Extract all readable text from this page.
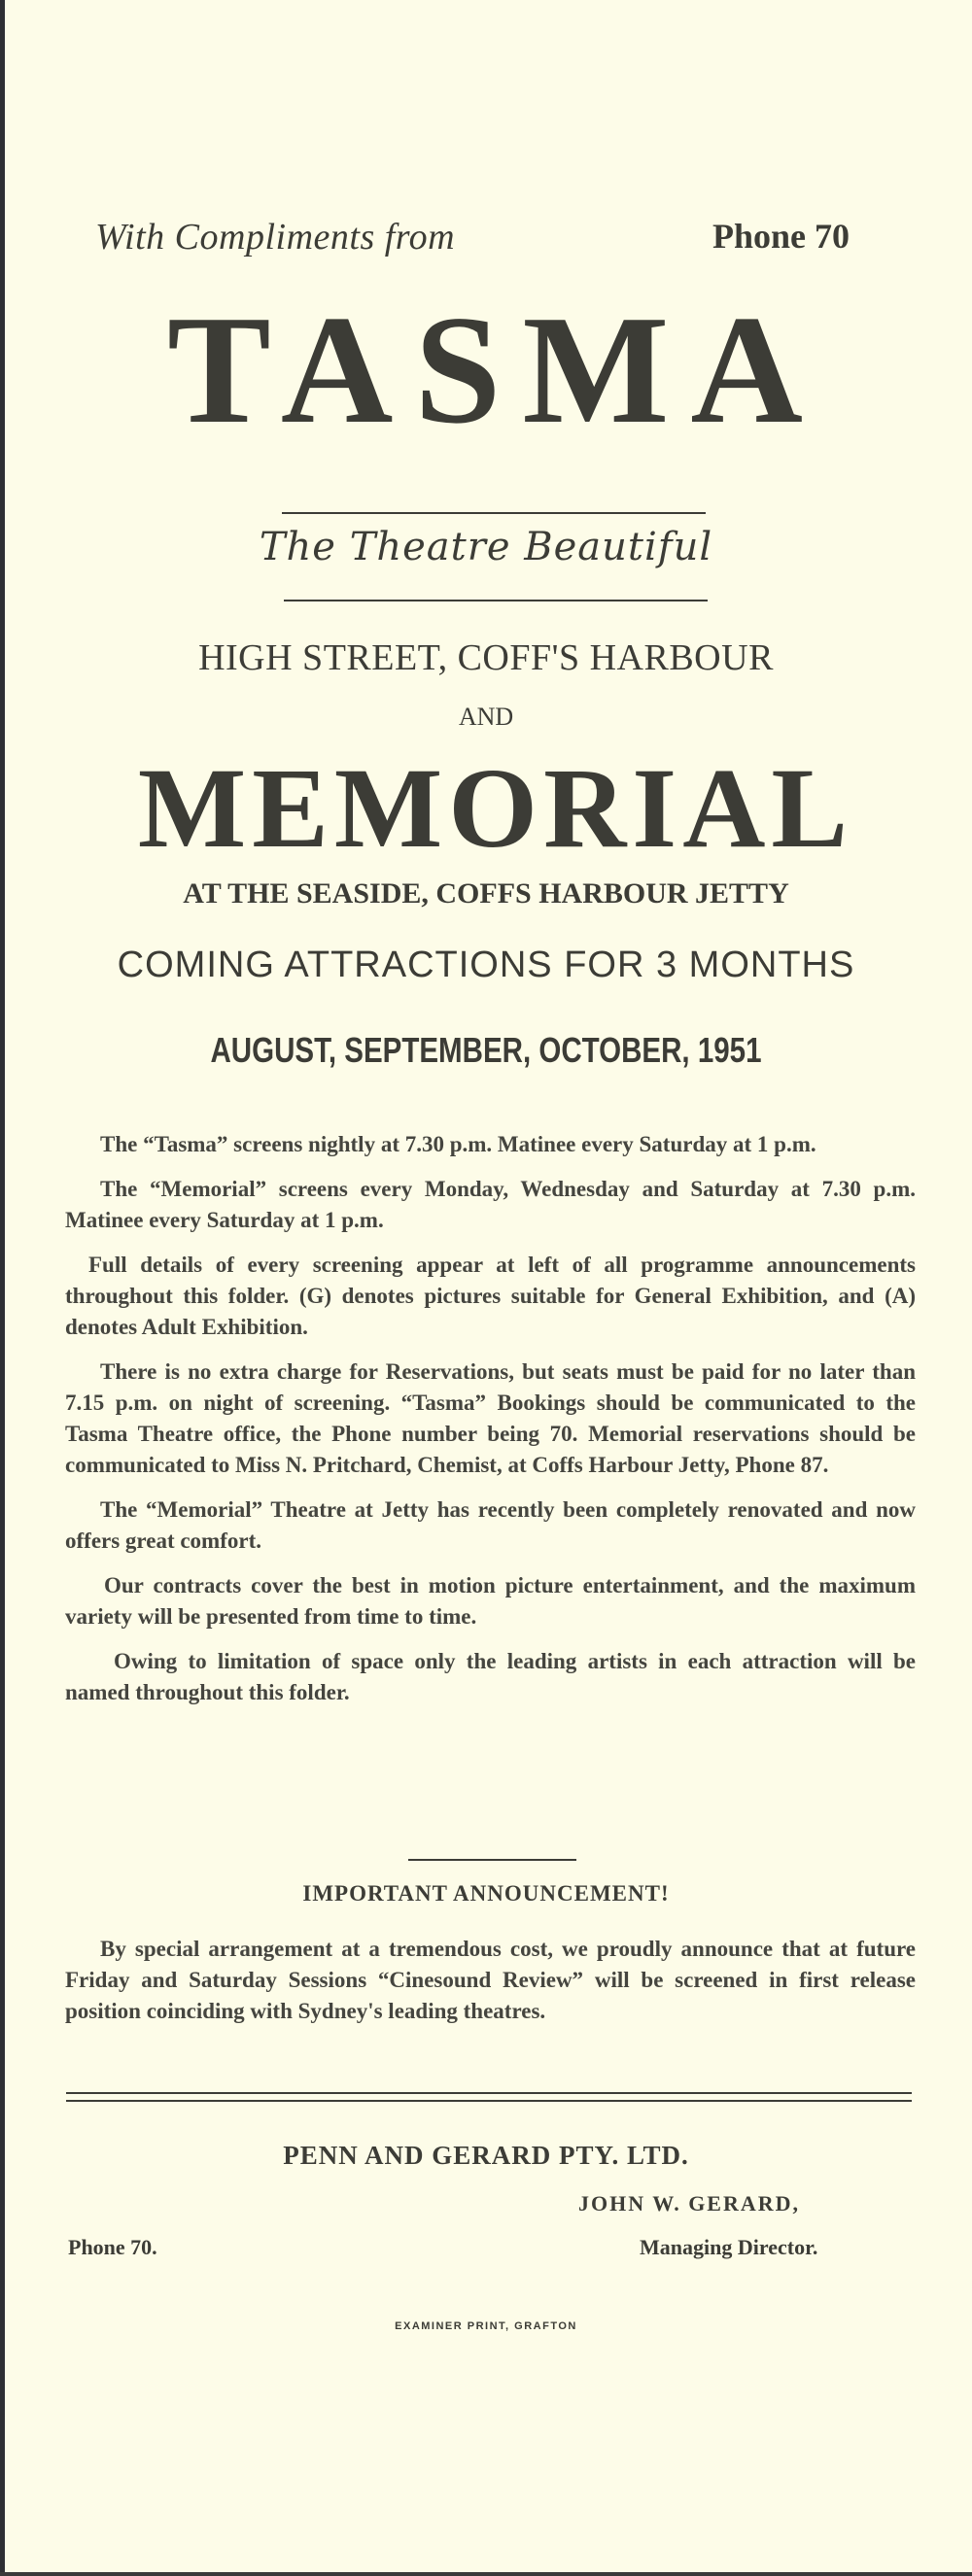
With Compliments from	Phone 70
TASMA
The Theatre Beautiful
HIGH STREET, COFF'S HARBOUR
AND
MEMORIAL
AT THE SEASIDE, COFFS HARBOUR JETTY
COMING ATTRACTIONS FOR 3 MONTHS
AUGUST, SEPTEMBER, OCTOBER, 1951

The “Tasma” screens nightly at 7.30 p.m. Matinee every Saturday at 1 p.m.

The “Memorial” screens every Monday, Wednesday and Saturday at 7.30 p.m. Matinee every Saturday at 1 p.m.

Full details of every screening appear at left of all programme announcements throughout this folder. (G) denotes pictures suitable for General Exhibition, and (A) denotes Adult Exhibition.

There is no extra charge for Reservations, but seats must be paid for no later than 7.15 p.m. on night of screening. “Tasma” Bookings should be communicated to the Tasma Theatre office, the Phone number being 70. Memorial reservations should be communicated to Miss N. Pritchard, Chemist, at Coffs Harbour Jetty, Phone 87.

The “Memorial” Theatre at Jetty has recently been completely renovated and now offers great comfort.

Our contracts cover the best in motion picture entertainment, and the maximum variety will be presented from time to time.

Owing to limitation of space only the leading artists in each attraction will be named throughout this folder.

IMPORTANT ANNOUNCEMENT!

By special arrangement at a tremendous cost, we proudly announce that at future Friday and Saturday Sessions “Cinesound Review” will be screened in first release position coinciding with Sydney's leading theatres.

PENN AND GERARD PTY. LTD.
JOHN W. GERARD,
Phone 70.	Managing Director.
EXAMINER PRINT, GRAFTON
